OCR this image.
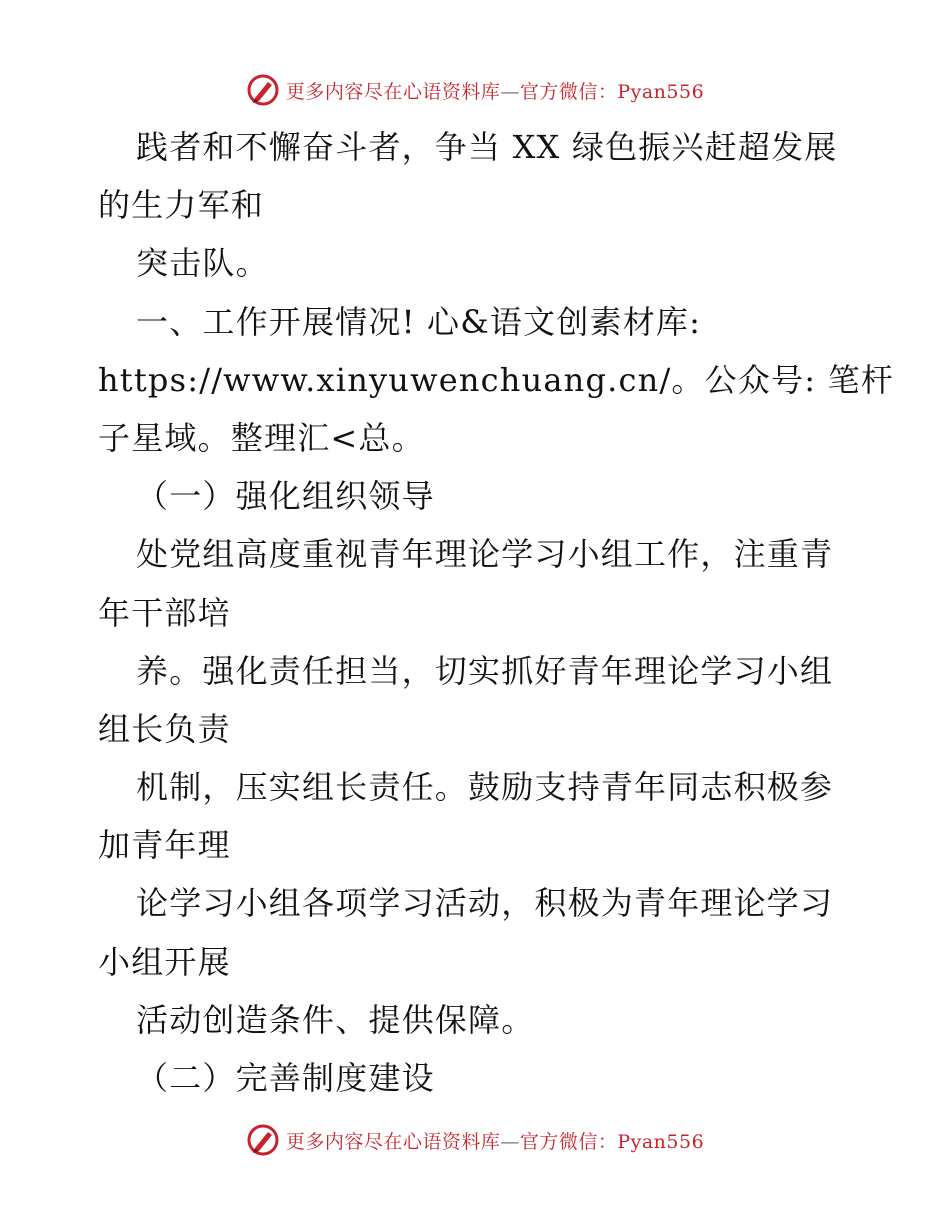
更多内容尽在心语资料库—官方微信：Pyan556
践者和不懈奋斗者，争当 XX 绿色振兴赶超发展
的生力军和
突击队。
一、工作开展情况! 心&语文创素材库:
https://www.xinyuwenchuang.cn/。公众号: 笔杆
子星域。整理汇<总。
（一）强化组织领导
处党组高度重视青年理论学习小组工作，注重青
年干部培
养。强化责任担当，切实抓好青年理论学习小组
组长负责
机制，压实组长责任。鼓励支持青年同志积极参
加青年理
论学习小组各项学习活动，积极为青年理论学习
小组开展
活动创造条件、提供保障。
（二）完善制度建设
更多内容尽在心语资料库—官方微信：Pyan556
